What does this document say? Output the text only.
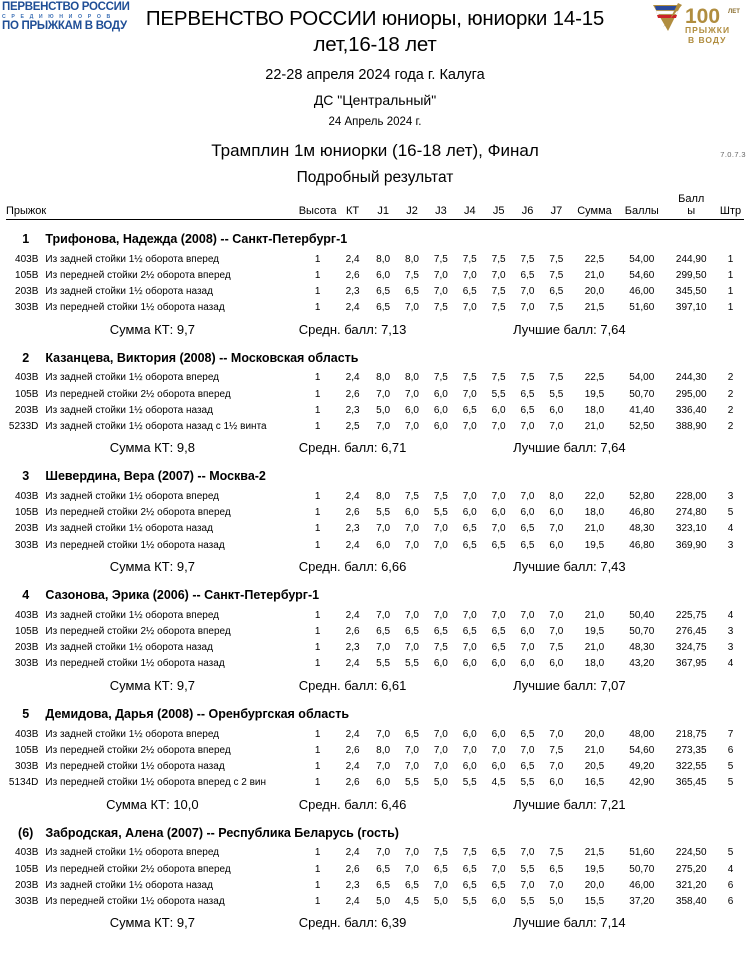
ПЕРВЕНСТВО РОССИИ
С Р Е Д И Ю Н И О Р О В
ПО ПРЫЖКАМ В ВОДУ	100 ЛЕТ
ПРЫЖКИ
В ВОДУ
ПЕРВЕНСТВО РОССИИ юниоры, юниорки 14-15 лет,16-18 лет
22-28 апреля 2024 года г. Калуга
ДС "Центральный"
24 Апрель 2024 г.
Трамплин 1м юниорки (16-18 лет), Финал	7.0.7.3
Подробный результат
Прыжок		Высота	КТ	J1	J2	J3	J4	J5	J6	J7	Сумма	Баллы	Балл
ы	Штр

1	Трифонова, Надежда (2008) -- Санкт-Петербург-1													
403B	Из задней стойки 1½ оборота вперед	1	2,4	8,0	8,0	7,5	7,5	7,5	7,5	7,5	22,5	54,00	244,90	1
105B	Из передней стойки 2½ оборота вперед	1	2,6	6,0	7,5	7,0	7,0	7,0	6,5	7,5	21,0	54,60	299,50	1
203B	Из задней стойки 1½ оборота назад	1	2,3	6,5	6,5	7,0	6,5	7,5	7,0	6,5	20,0	46,00	345,50	1
303B	Из передней стойки 1½ оборота назад	1	2,4	6,5	7,0	7,5	7,0	7,5	7,0	7,5	21,5	51,60	397,10	1
Сумма КТ: 9,7		Средн. балл: 7,13							Лучшие балл: 7,64					
2	Казанцева, Виктория (2008) -- Московская область													
403B	Из задней стойки 1½ оборота вперед	1	2,4	8,0	8,0	7,5	7,5	7,5	7,5	7,5	22,5	54,00	244,30	2
105B	Из передней стойки 2½ оборота вперед	1	2,6	7,0	7,0	6,0	7,0	5,5	6,5	5,5	19,5	50,70	295,00	2
203B	Из задней стойки 1½ оборота назад	1	2,3	5,0	6,0	6,0	6,5	6,0	6,5	6,0	18,0	41,40	336,40	2
5233D	Из задней стойки 1½ оборота назад с 1½ винта	1	2,5	7,0	7,0	6,0	7,0	7,0	7,0	7,0	21,0	52,50	388,90	2
Сумма КТ: 9,8		Средн. балл: 6,71							Лучшие балл: 7,64					
3	Шевердина, Вера (2007) -- Москва-2													
403B	Из задней стойки 1½ оборота вперед	1	2,4	8,0	7,5	7,5	7,0	7,0	7,0	8,0	22,0	52,80	228,00	3
105B	Из передней стойки 2½ оборота вперед	1	2,6	5,5	6,0	5,5	6,0	6,0	6,0	6,0	18,0	46,80	274,80	5
203B	Из задней стойки 1½ оборота назад	1	2,3	7,0	7,0	7,0	6,5	7,0	6,5	7,0	21,0	48,30	323,10	4
303B	Из передней стойки 1½ оборота назад	1	2,4	6,0	7,0	7,0	6,5	6,5	6,5	6,0	19,5	46,80	369,90	3
Сумма КТ: 9,7		Средн. балл: 6,66							Лучшие балл: 7,43					
4	Сазонова, Эрика (2006) -- Санкт-Петербург-1													
403B	Из задней стойки 1½ оборота вперед	1	2,4	7,0	7,0	7,0	7,0	7,0	7,0	7,0	21,0	50,40	225,75	4
105B	Из передней стойки 2½ оборота вперед	1	2,6	6,5	6,5	6,5	6,5	6,5	6,0	7,0	19,5	50,70	276,45	3
203B	Из задней стойки 1½ оборота назад	1	2,3	7,0	7,0	7,5	7,0	6,5	7,0	7,5	21,0	48,30	324,75	3
303B	Из передней стойки 1½ оборота назад	1	2,4	5,5	5,5	6,0	6,0	6,0	6,0	6,0	18,0	43,20	367,95	4
Сумма КТ: 9,7		Средн. балл: 6,61							Лучшие балл: 7,07					
5	Демидова, Дарья (2008) -- Оренбургская область													
403B	Из задней стойки 1½ оборота вперед	1	2,4	7,0	6,5	7,0	6,0	6,0	6,5	7,0	20,0	48,00	218,75	7
105B	Из передней стойки 2½ оборота вперед	1	2,6	8,0	7,0	7,0	7,0	7,0	7,0	7,5	21,0	54,60	273,35	6
303B	Из передней стойки 1½ оборота назад	1	2,4	7,0	7,0	7,0	6,0	6,0	6,5	7,0	20,5	49,20	322,55	5
5134D	Из передней стойки 1½ оборота вперед с 2 вин	1	2,6	6,0	5,5	5,0	5,5	4,5	5,5	6,0	16,5	42,90	365,45	5
Сумма КТ: 10,0		Средн. балл: 6,46							Лучшие балл: 7,21					
(6)	Забродская, Алена (2007) -- Республика Беларусь (гость)													
403B	Из задней стойки 1½ оборота вперед	1	2,4	7,0	7,0	7,5	7,5	6,5	7,0	7,5	21,5	51,60	224,50	5
105B	Из передней стойки 2½ оборота вперед	1	2,6	6,5	7,0	6,5	6,5	7,0	5,5	6,5	19,5	50,70	275,20	4
203B	Из задней стойки 1½ оборота назад	1	2,3	6,5	6,5	7,0	6,5	6,5	7,0	7,0	20,0	46,00	321,20	6
303B	Из передней стойки 1½ оборота назад	1	2,4	5,0	4,5	5,0	5,5	6,0	5,5	5,0	15,5	37,20	358,40	6
Сумма КТ: 9,7		Средн. балл: 6,39							Лучшие балл: 7,14					
